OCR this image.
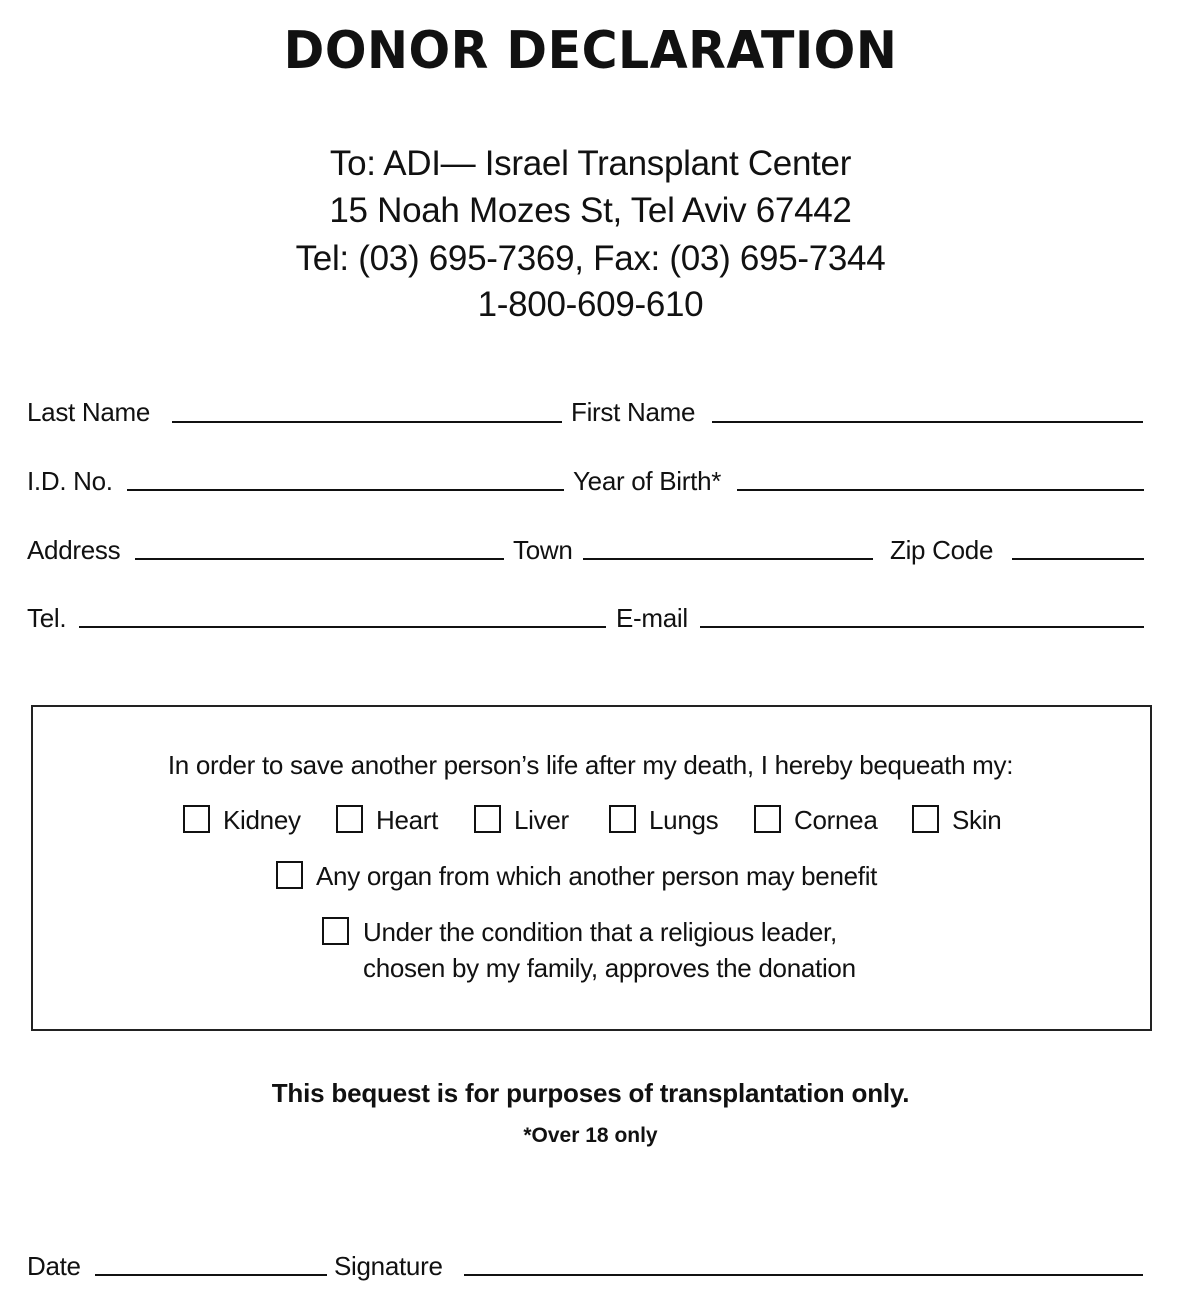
DONOR DECLARATION
To: ADI— Israel Transplant Center
15 Noah Mozes St, Tel Aviv 67442
Tel: (03) 695-7369, Fax: (03) 695-7344
1-800-609-610
Last Name	First Name
I.D. No.	Year of Birth*
Address	Town	Zip Code
Tel.	E-mail
In order to save another person’s life after my death, I hereby bequeath my:
Kidney	Heart	Liver	Lungs	Cornea	Skin
Any organ from which another person may benefit
Under the condition that a religious leader,
chosen by my family, approves the donation
This bequest is for purposes of transplantation only.
*Over 18 only
Date	Signature
